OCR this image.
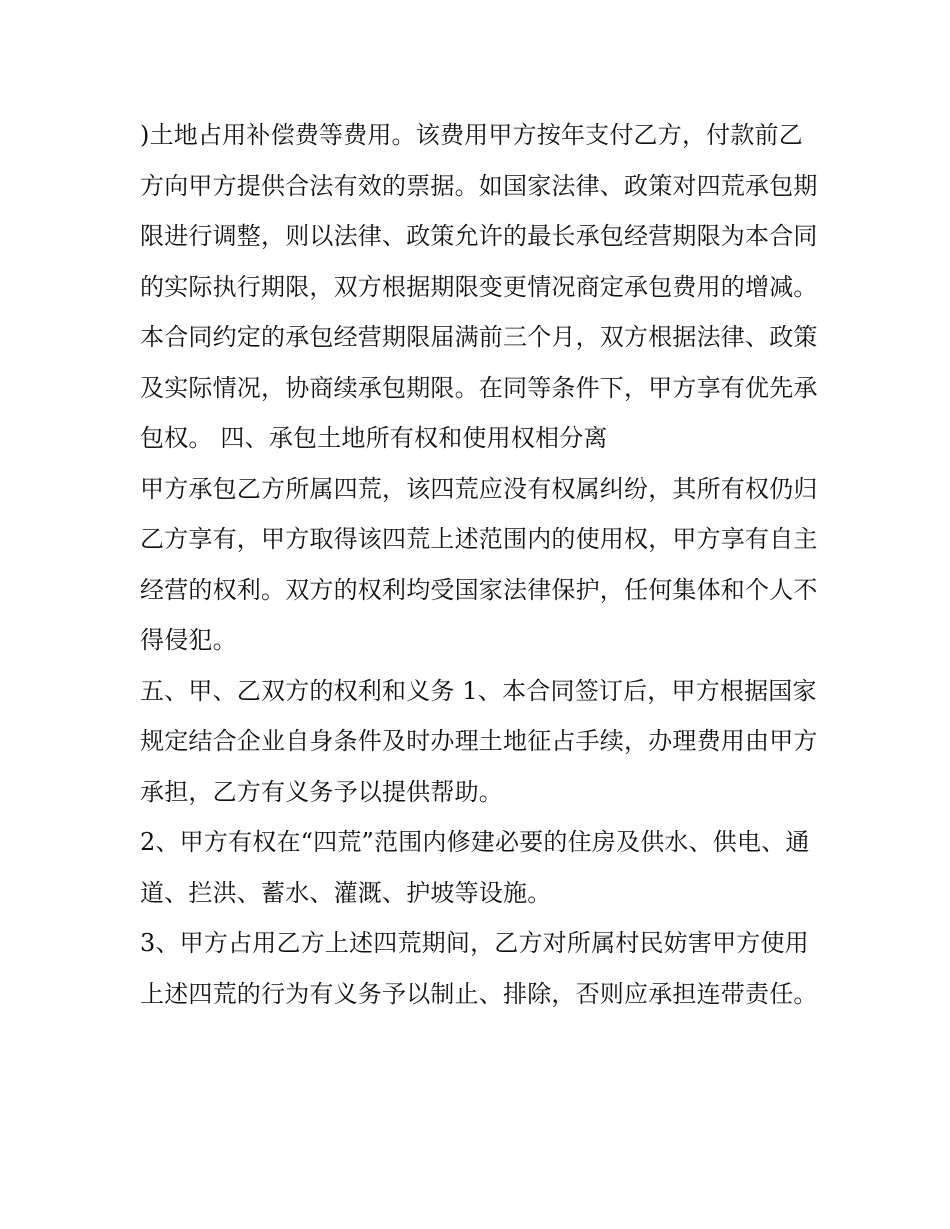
)土地占用补偿费等费用。该费用甲方按年支付乙方，付款前乙方向甲方提供合法有效的票据。如国家法律、政策对四荒承包期限进行调整，则以法律、政策允许的最长承包经营期限为本合同的实际执行期限，双方根据期限变更情况商定承包费用的增减。

本合同约定的承包经营期限届满前三个月，双方根据法律、政策及实际情况，协商续承包期限。在同等条件下，甲方享有优先承包权。 四、承包土地所有权和使用权相分离

甲方承包乙方所属四荒，该四荒应没有权属纠纷，其所有权仍归乙方享有，甲方取得该四荒上述范围内的使用权，甲方享有自主经营的权利。双方的权利均受国家法律保护，任何集体和个人不得侵犯。

五、甲、乙双方的权利和义务 1、本合同签订后，甲方根据国家规定结合企业自身条件及时办理土地征占手续，办理费用由甲方承担，乙方有义务予以提供帮助。

2、甲方有权在“四荒”范围内修建必要的住房及供水、供电、通道、拦洪、蓄水、灌溉、护坡等设施。

3、甲方占用乙方上述四荒期间，乙方对所属村民妨害甲方使用上述四荒的行为有义务予以制止、排除，否则应承担连带责任。
